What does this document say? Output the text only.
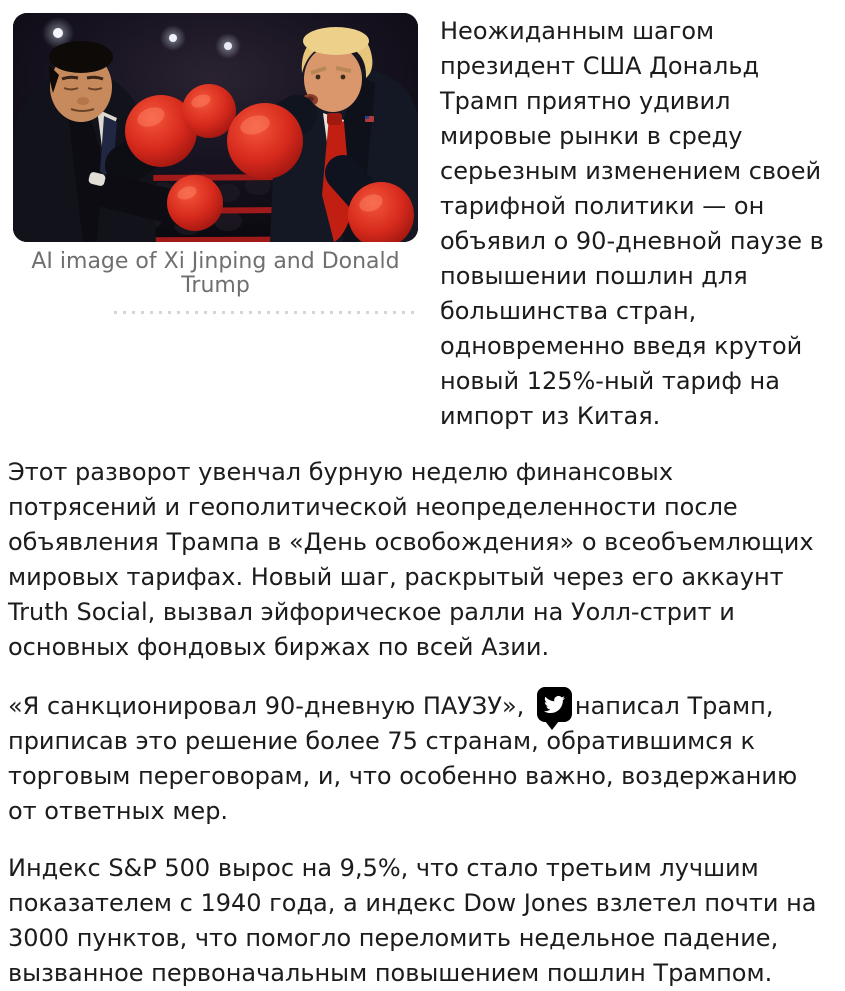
AI image of Xi Jinping and Donald Trump
Неожиданным шагом президент США Дональд Трамп приятно удивил мировые рынки в среду серьезным изменением своей тарифной политики — он объявил о 90-дневной паузе в повышении пошлин для большинства стран, одновременно введя крутой новый 125%-ный тариф на импорт из Китая.

Этот разворот увенчал бурную неделю финансовых потрясений и геополитической неопределенности после объявления Трампа в «День освобождения» о всеобъемлющих мировых тарифах. Новый шаг, раскрытый через его аккаунт Truth Social, вызвал эйфорическое ралли на Уолл-стрит и основных фондовых биржах по всей Азии.

«Я санкционировал 90-дневную ПАУЗУ»,
написал Трамп, приписав это решение более 75 странам, обратившимся к торговым переговорам, и, что особенно важно, воздержанию от ответных мер.

Индекс S&P 500 вырос на 9,5%, что стало третьим лучшим показателем с 1940 года, а индекс Dow Jones взлетел почти на 3000 пунктов, что помогло переломить недельное падение, вызванное первоначальным повышением пошлин Трампом.
